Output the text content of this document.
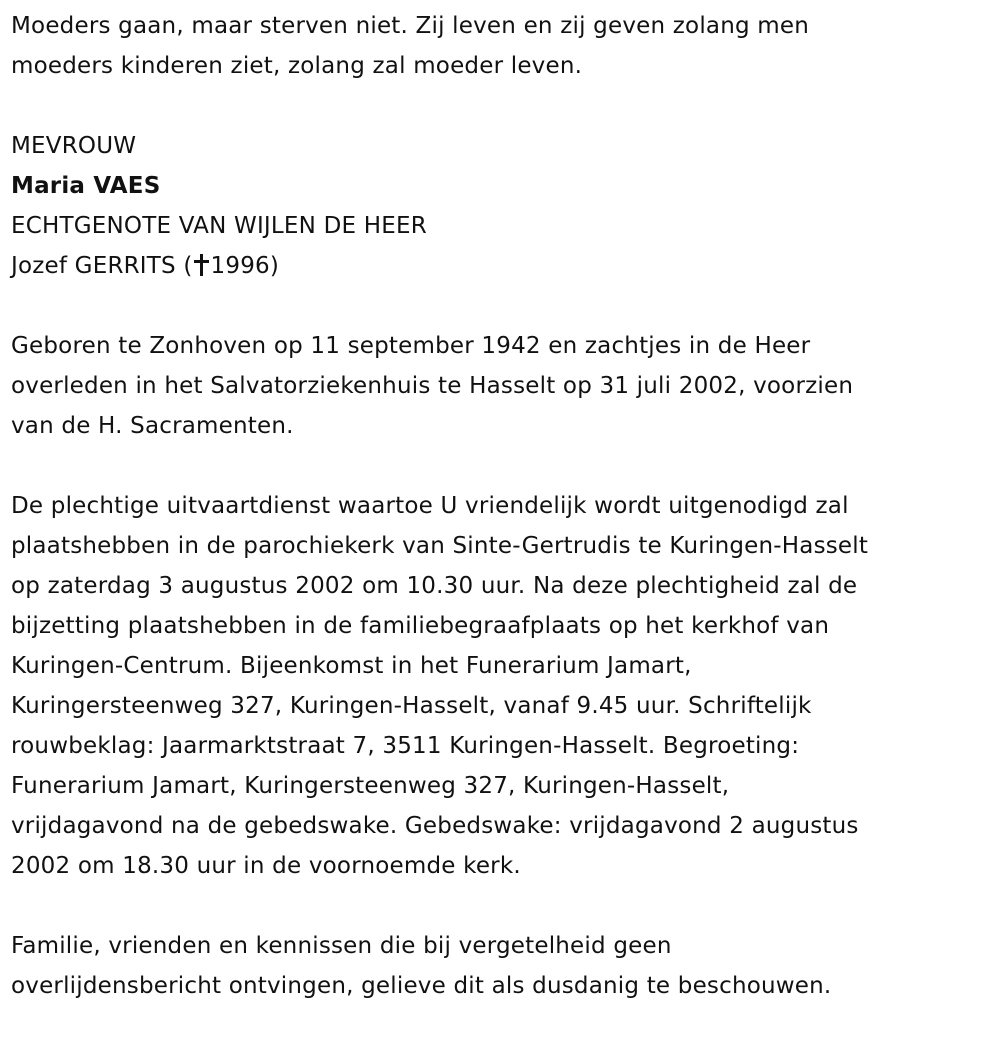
Moeders gaan, maar sterven niet. Zij leven en zij geven zolang men
moeders kinderen ziet, zolang zal moeder leven.
MEVROUW
Maria VAES
ECHTGENOTE VAN WIJLEN DE HEER
Jozef GERRITS ( 1996)
Geboren te Zonhoven op 11 september 1942 en zachtjes in de Heer
overleden in het Salvatorziekenhuis te Hasselt op 31 juli 2002, voorzien
van de H. Sacramenten.
De plechtige uitvaartdienst waartoe U vriendelijk wordt uitgenodigd zal
plaatshebben in de parochiekerk van Sinte-Gertrudis te Kuringen-Hasselt
op zaterdag 3 augustus 2002 om 10.30 uur. Na deze plechtigheid zal de
bijzetting plaatshebben in de familiebegraafplaats op het kerkhof van
Kuringen-Centrum. Bijeenkomst in het Funerarium Jamart,
Kuringersteenweg 327, Kuringen-Hasselt, vanaf 9.45 uur. Schriftelijk
rouwbeklag: Jaarmarktstraat 7, 3511 Kuringen-Hasselt. Begroeting:
Funerarium Jamart, Kuringersteenweg 327, Kuringen-Hasselt,
vrijdagavond na de gebedswake. Gebedswake: vrijdagavond 2 augustus
2002 om 18.30 uur in de voornoemde kerk.
Familie, vrienden en kennissen die bij vergetelheid geen
overlijdensbericht ontvingen, gelieve dit als dusdanig te beschouwen.
